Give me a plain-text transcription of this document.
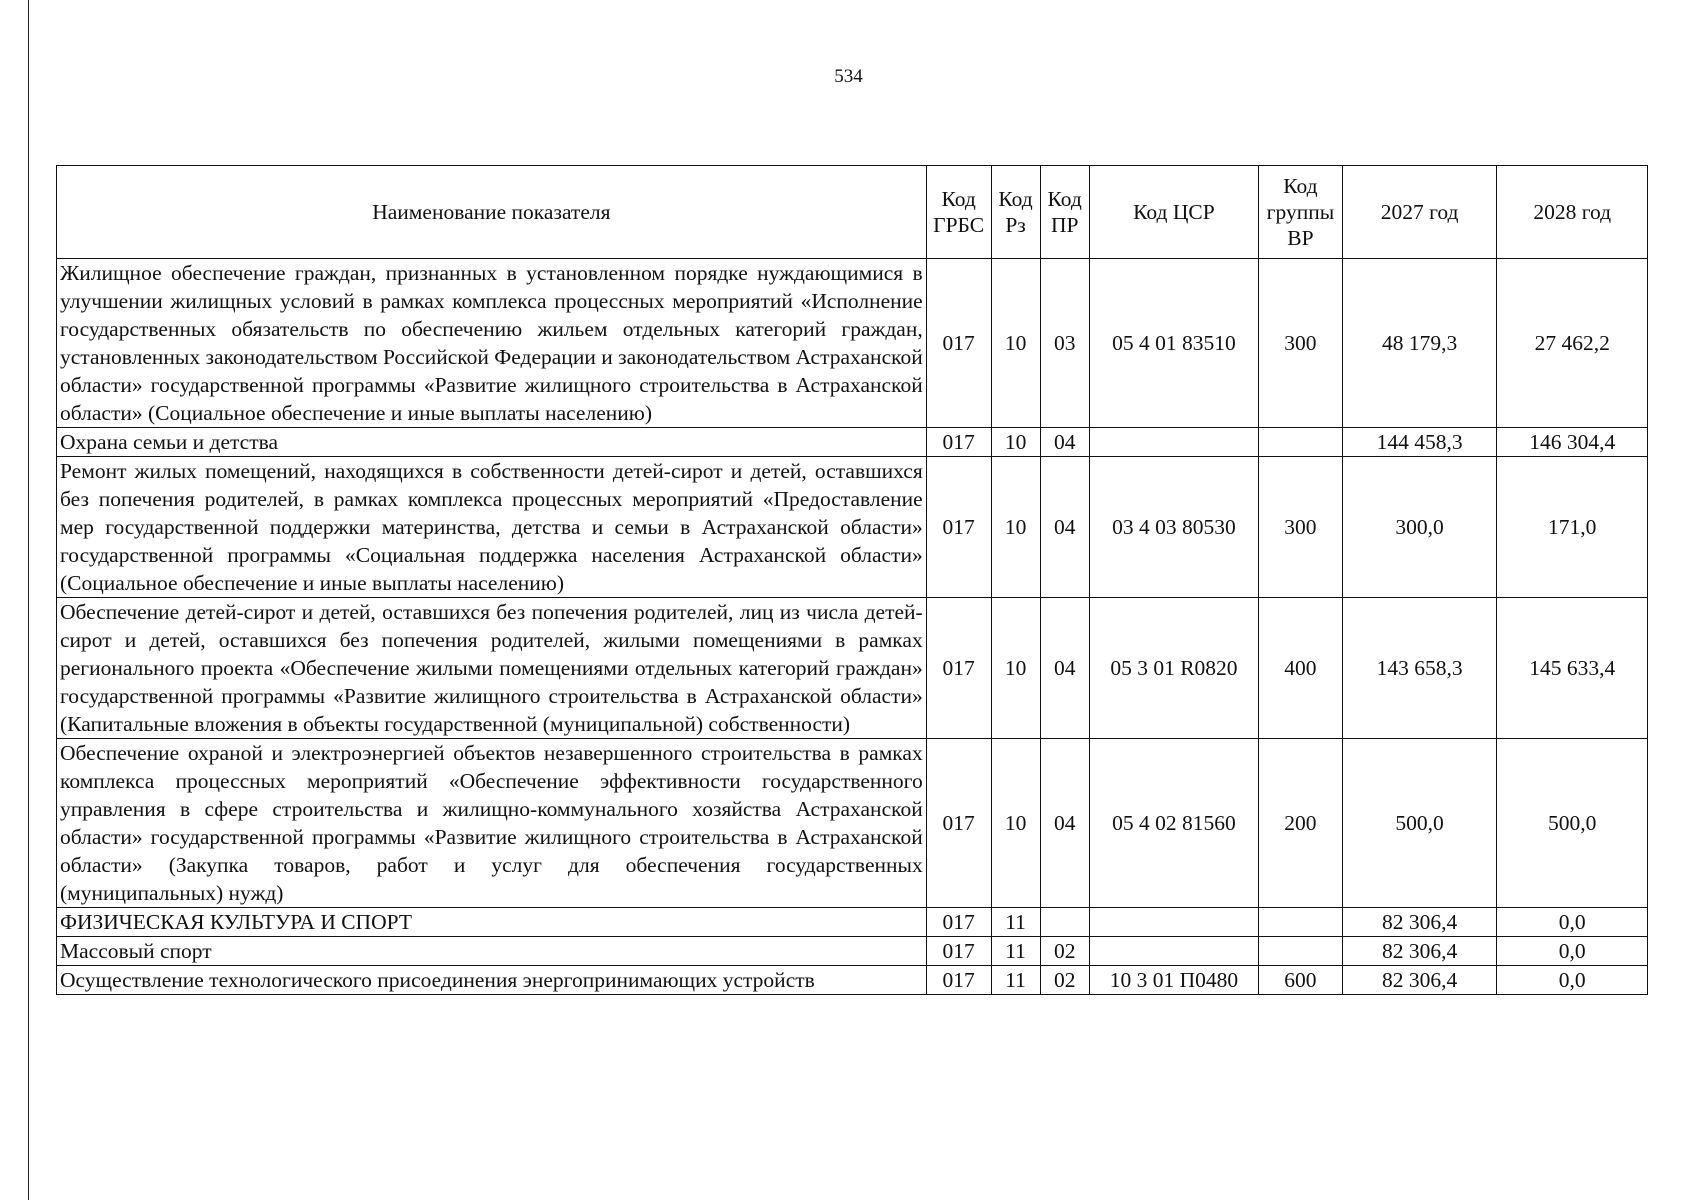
534
Наименование показателя	Код ГРБС	Код Рз	Код ПР	Код ЦСР	Код группы ВР	2027 год	2028 год
Жилищное обеспечение граждан, признанных в установленном порядке нуждающимися в улучшении жилищных условий в рамках комплекса процессных мероприятий «Исполнение государственных обязательств по обеспечению жильем отдельных категорий граждан, установленных законодательством Российской Федерации и законодательством Астраханской области» государственной программы «Развитие жилищного строительства в Астраханской области» (Социальное обеспечение и иные выплаты населению)	017	10	03	05 4 01 83510	300	48 179,3	27 462,2
Охрана семьи и детства	017	10	04			144 458,3	146 304,4
Ремонт жилых помещений, находящихся в собственности детей-сирот и детей, оставшихся без попечения родителей, в рамках комплекса процессных мероприятий «Предоставление мер государственной поддержки материнства, детства и семьи в Астраханской области» государственной программы «Социальная поддержка населения Астраханской области» (Социальное обеспечение и иные выплаты населению)	017	10	04	03 4 03 80530	300	300,0	171,0
Обеспечение детей-сирот и детей, оставшихся без попечения родителей, лиц из числа детей-сирот и детей, оставшихся без попечения родителей, жилыми помещениями в рамках регионального проекта «Обеспечение жилыми помещениями отдельных категорий граждан» государственной программы «Развитие жилищного строительства в Астраханской области» (Капитальные вложения в объекты государственной (муниципальной) собственности)	017	10	04	05 3 01 R0820	400	143 658,3	145 633,4
Обеспечение охраной и электроэнергией объектов незавершенного строительства в рамках комплекса процессных мероприятий «Обеспечение эффективности государственного управления в сфере строительства и жилищно-коммунального хозяйства Астраханской области» государственной программы «Развитие жилищного строительства в Астраханской области» (Закупка товаров, работ и услуг для обеспечения государственных (муниципальных) нужд)	017	10	04	05 4 02 81560	200	500,0	500,0
ФИЗИЧЕСКАЯ КУЛЬТУРА И СПОРТ	017	11				82 306,4	0,0
Массовый спорт	017	11	02			82 306,4	0,0
Осуществление технологического присоединения энергопринимающих устройств	017	11	02	10 3 01 П0480	600	82 306,4	0,0
